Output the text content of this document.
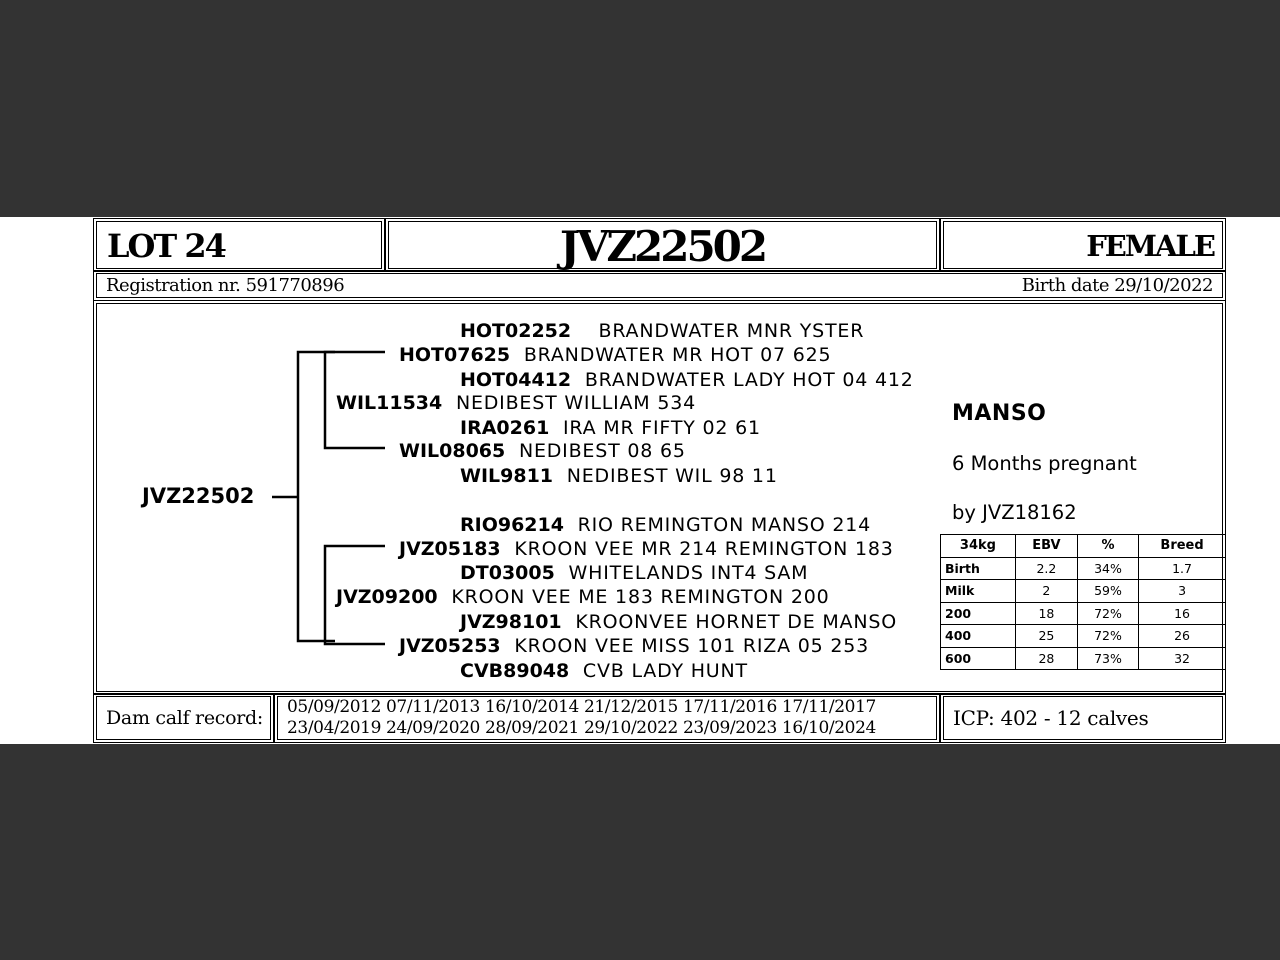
LOT 24	JVZ22502	FEMALE
Registration nr. 591770896	Birth date 29/10/2022
JVZ22502
HOT02252 BRANDWATER MNR YSTER
HOT07625 BRANDWATER MR HOT 07 625
HOT04412 BRANDWATER LADY HOT 04 412
WIL11534 NEDIBEST WILLIAM 534
IRA0261 IRA MR FIFTY 02 61
WIL08065 NEDIBEST 08 65
WIL9811 NEDIBEST WIL 98 11
RIO96214 RIO REMINGTON MANSO 214
JVZ05183 KROON VEE MR 214 REMINGTON 183
DT03005 WHITELANDS INT4 SAM
JVZ09200 KROON VEE ME 183 REMINGTON 200
JVZ98101 KROONVEE HORNET DE MANSO
JVZ05253 KROON VEE MISS 101 RIZA 05 253
CVB89048 CVB LADY HUNT
MANSO
6 Months pregnant
by JVZ18162
34kg	EBV	%	Breed
Birth	2.2	34%	1.7
Milk	2	59%	3
200	18	72%	16
400	25	72%	26
600	28	73%	32
Dam calf record: 05/09/2012 07/11/2013 16/10/2014 21/12/2015 17/11/2016 17/11/2017
23/04/2019 24/09/2020 28/09/2021 29/10/2022 23/09/2023 16/10/2024	ICP: 402 - 12 calves
